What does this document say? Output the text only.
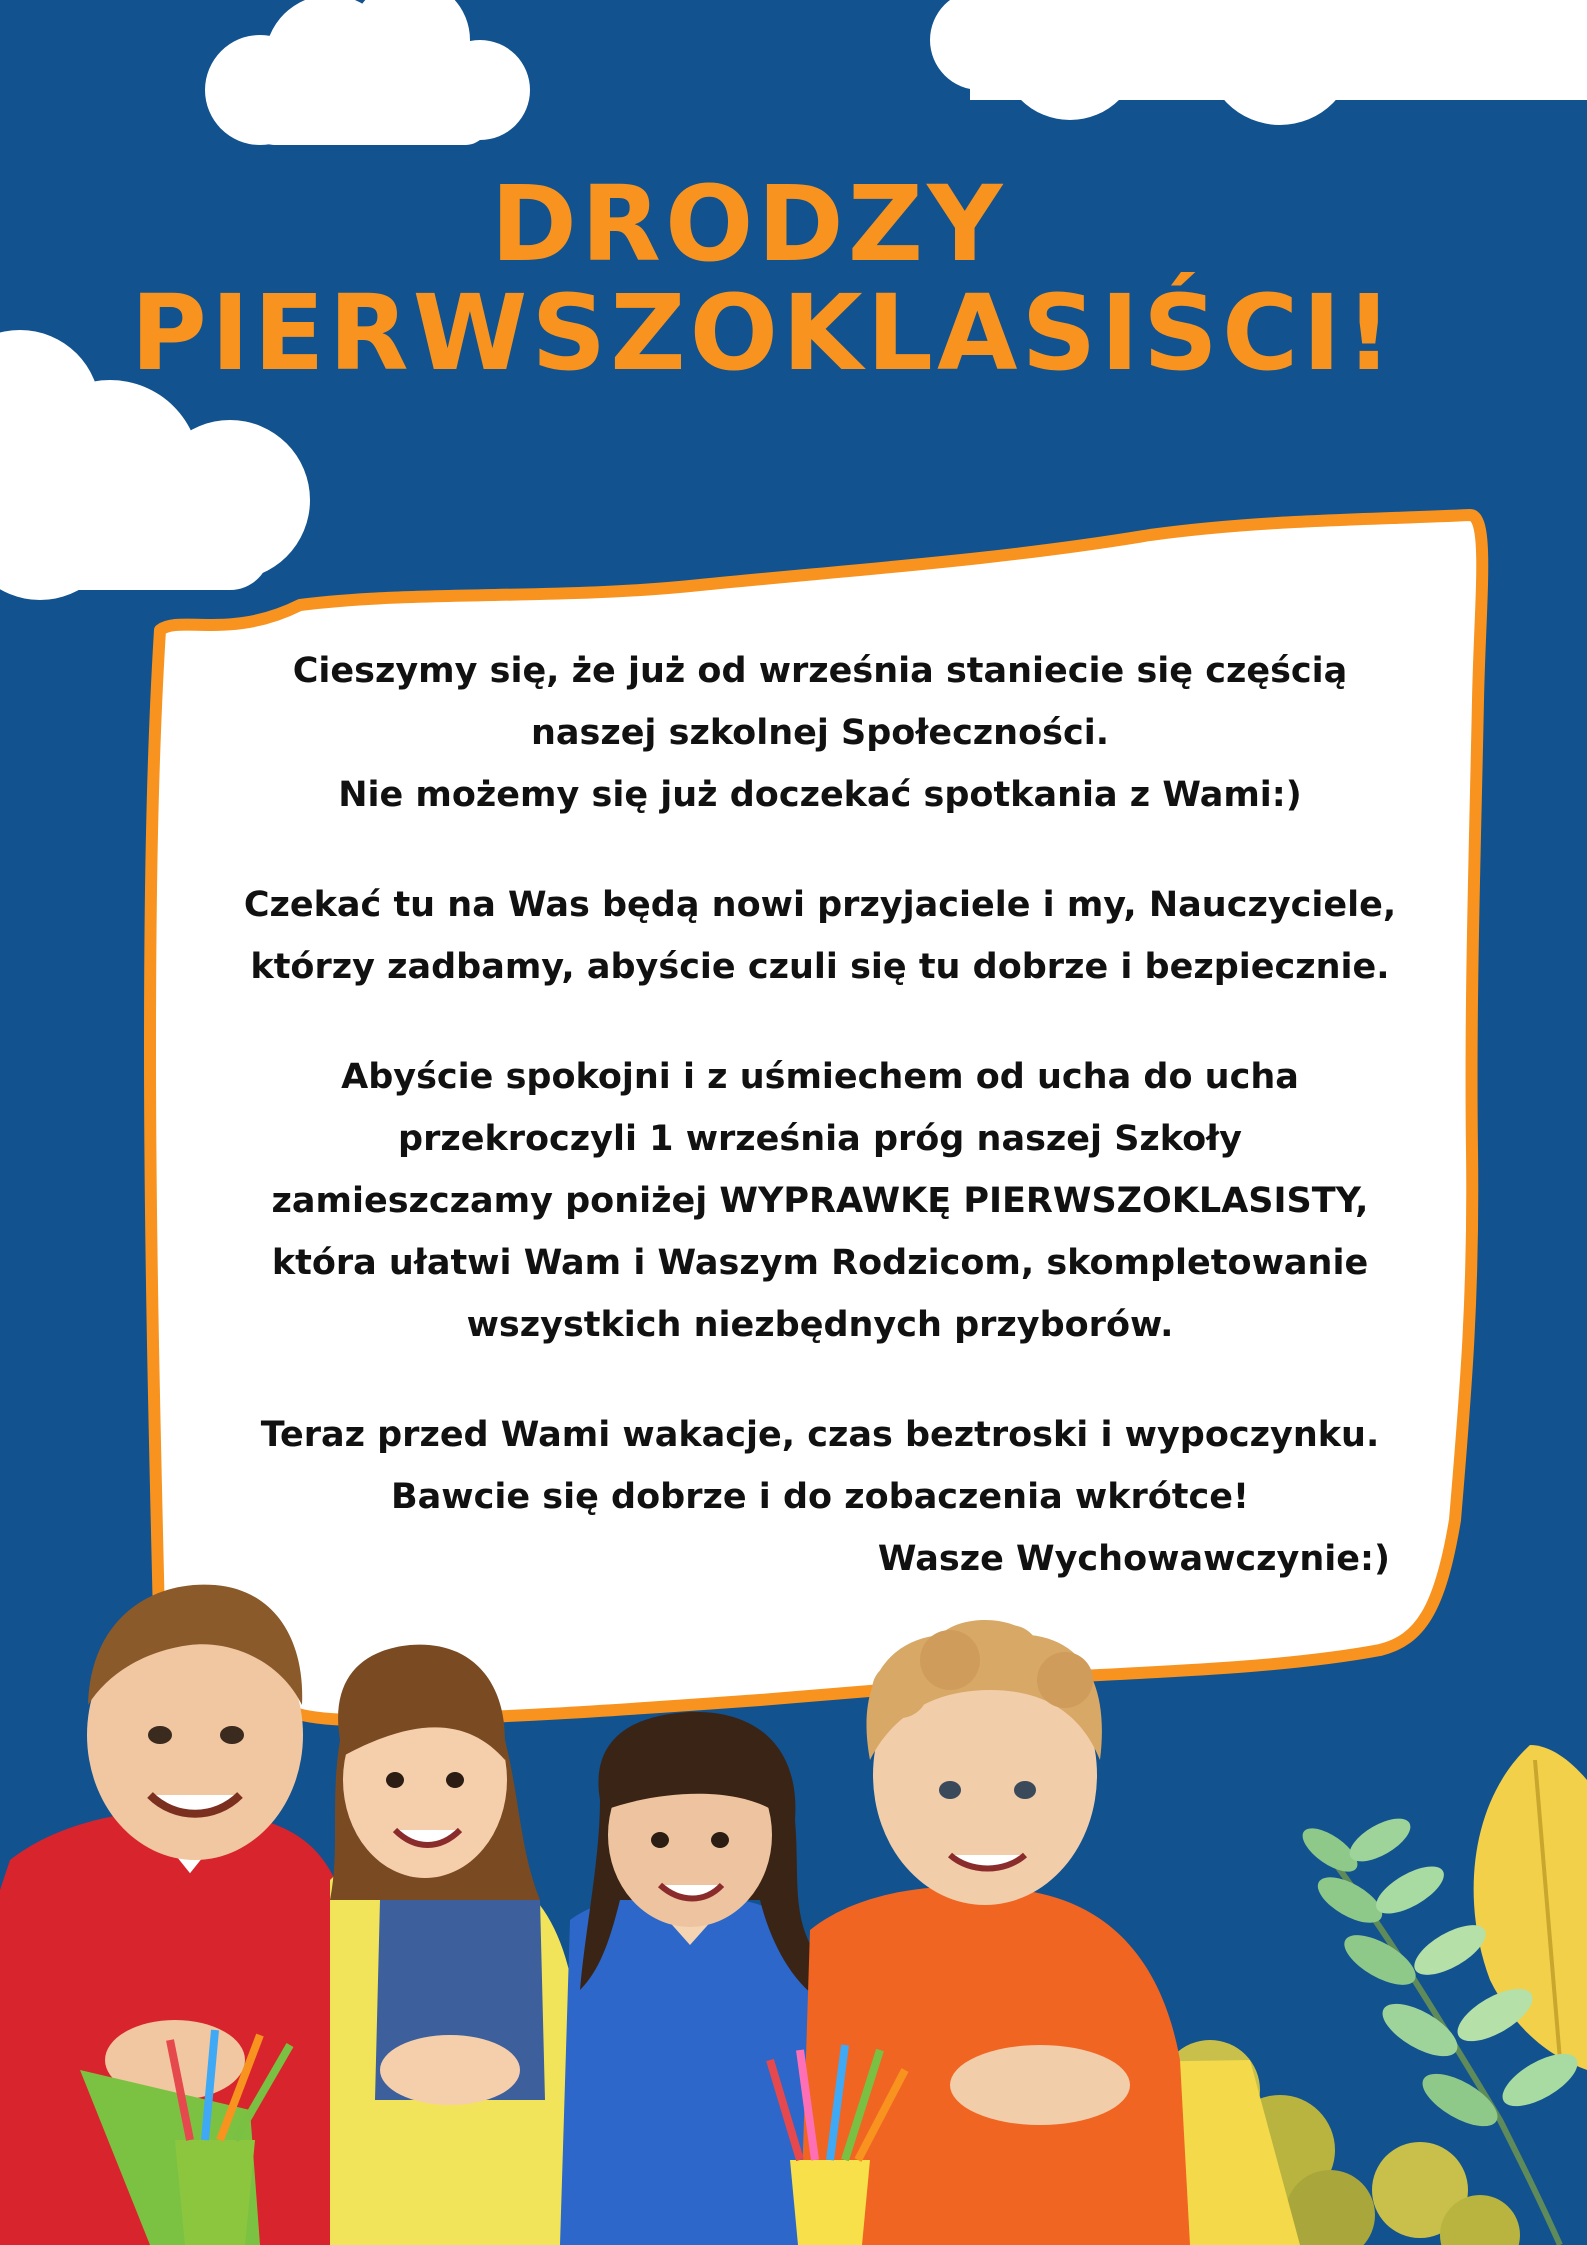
DRODZY
PIERWSZOKLASIŚCI!

Cieszymy się, że już od września staniecie się częścią
naszej szkolnej Społeczności.
Nie możemy się już doczekać spotkania z Wami:)

Czekać tu na Was będą nowi przyjaciele i my, Nauczyciele,
którzy zadbamy, abyście czuli się tu dobrze i bezpiecznie.

Abyście spokojni i z uśmiechem od ucha do ucha
przekroczyli 1 września próg naszej Szkoły
zamieszczamy poniżej WYPRAWKĘ PIERWSZOKLASISTY,
która ułatwi Wam i Waszym Rodzicom, skompletowanie
wszystkich niezbędnych przyborów.

Teraz przed Wami wakacje, czas beztroski i wypoczynku.
Bawcie się dobrze i do zobaczenia wkrótce!
Wasze Wychowawczynie:)
